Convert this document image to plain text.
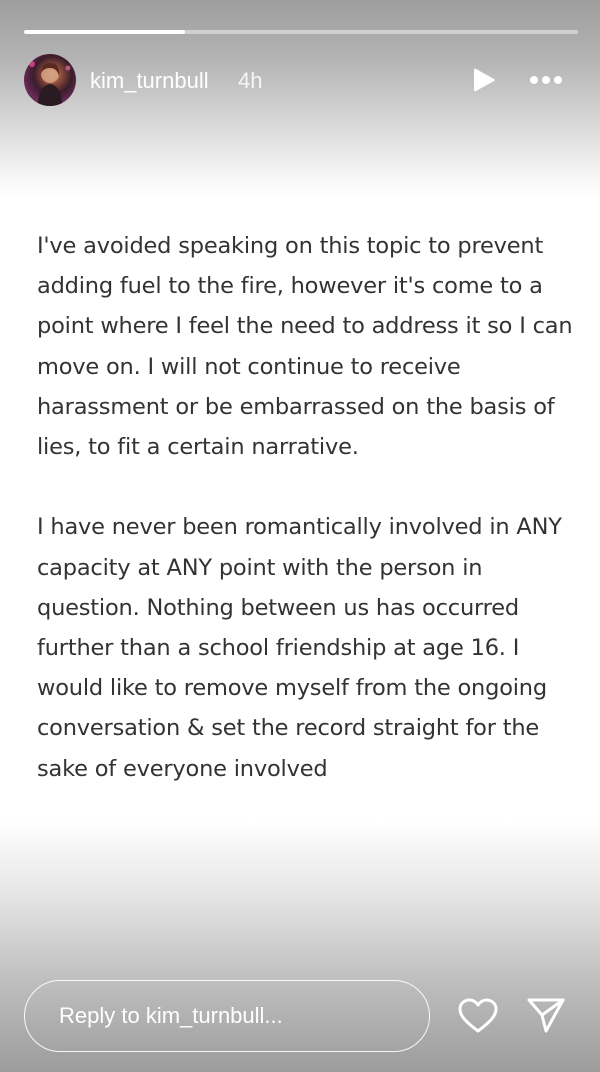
kim_turnbull 4h

I've avoided speaking on this topic to prevent adding fuel to the fire, however it's come to a point where I feel the need to address it so I can move on. I will not continue to receive harassment or be embarrassed on the basis of lies, to fit a certain narrative.

I have never been romantically involved in ANY capacity at ANY point with the person in question. Nothing between us has occurred further than a school friendship at age 16. I would like to remove myself from the ongoing conversation & set the record straight for the sake of everyone involved

Reply to kim_turnbull...
